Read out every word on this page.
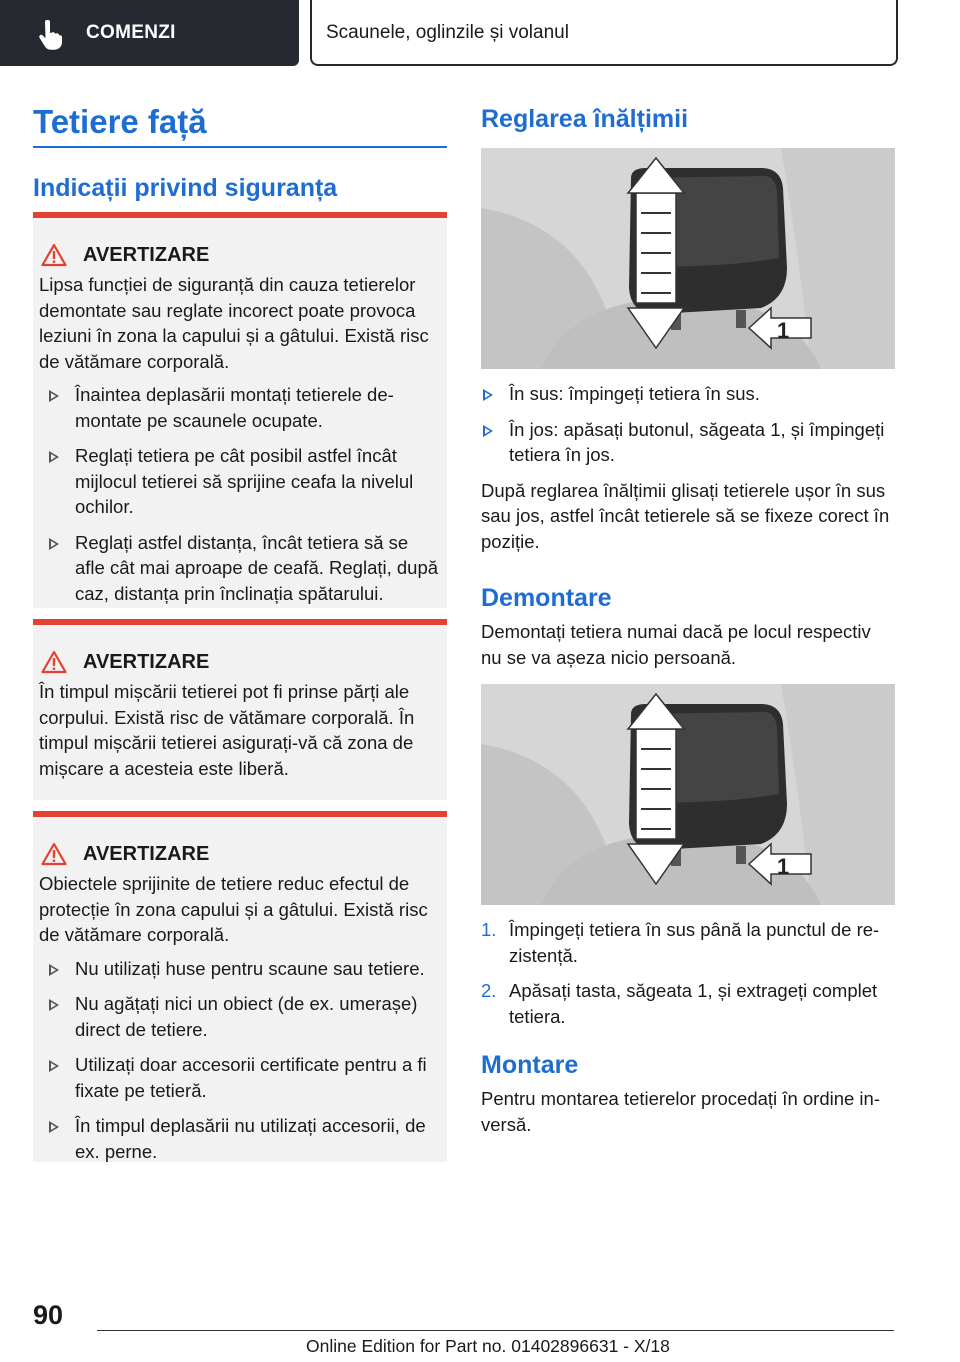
COMENZI	Scaunele, oglinzile și volanul
Tetiere față
Indicații privind siguranța
AVERTIZARE

Lipsa funcției de siguranță din cauza tetierelor demontate sau reglate incorect poate provoca leziuni în zona la capului și a gâtului. Există risc de vătămare corporală.

Înaintea deplasării montați tetierele de-montate pe scaunele ocupate.
Reglați tetiera pe cât posibil astfel încât mijlocul tetierei să sprijine ceafa la nivelul ochilor.
Reglați astfel distanța, încât tetiera să se afle cât mai aproape de ceafă. Reglați, după caz, distanța prin înclinația spătarului.
AVERTIZARE

În timpul mișcării tetierei pot fi prinse părți ale corpului. Există risc de vătămare corporală. În timpul mișcării tetierei asigurați-vă că zona de mișcare a acesteia este liberă.

AVERTIZARE

Obiectele sprijinite de tetiere reduc efectul de protecție în zona capului și a gâtului. Există risc de vătămare corporală.

Nu utilizați huse pentru scaune sau tetiere.
Nu agățați nici un obiect (de ex. umerașe) direct de tetiere.
Utilizați doar accesorii certificate pentru a fi fixate pe tetieră.
În timpul deplasării nu utilizați accesorii, de ex. perne.
Reglarea înălțimii
1
În sus: împingeți tetiera în sus.
În jos: apăsați butonul, săgeata 1, și împingeți tetiera în jos.

După reglarea înălțimii glisați tetierele ușor în sus sau jos, astfel încât tetierele să se fixeze corect în poziție.

Demontare

Demontați tetiera numai dacă pe locul respectiv nu se va așeza nicio persoană.

1
1. Împingeți tetiera în sus până la punctul de re-zistență.
2. Apăsați tasta, săgeata 1, și extrageți complet tetiera.
Montare

Pentru montarea tetierelor procedați în ordine in-versă.

90
Online Edition for Part no. 01402896631 - X/18
